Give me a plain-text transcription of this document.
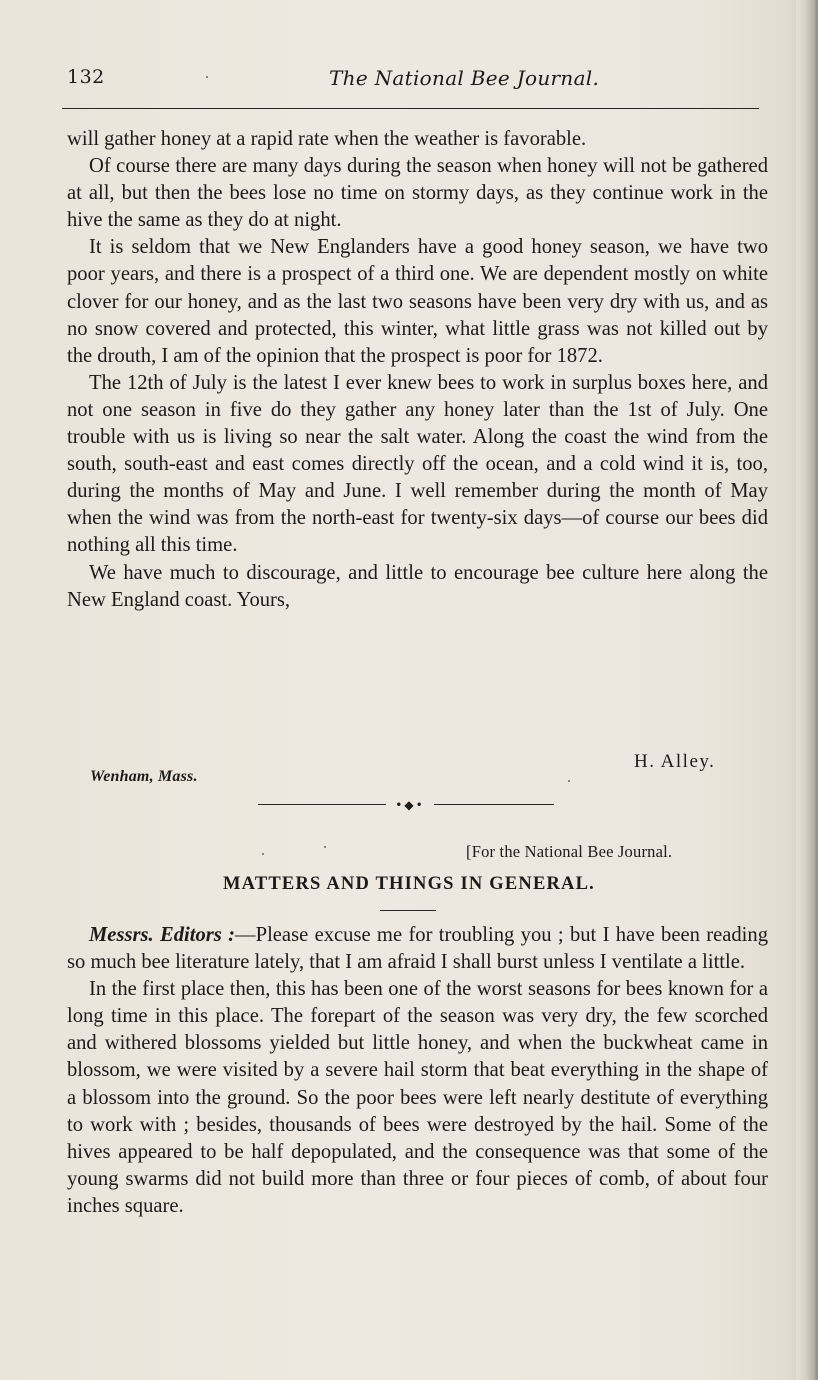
132	The National Bee Journal.

will gather honey at a rapid rate when the weather is favorable.

Of course there are many days during the season when honey will not be gathered at all, but then the bees lose no time on stormy days, as they continue work in the hive the same as they do at night.

It is seldom that we New Englanders have a good honey season, we have two poor years, and there is a prospect of a third one. We are dependent mostly on white clover for our honey, and as the last two seasons have been very dry with us, and as no snow covered and protected, this winter, what little grass was not killed out by the drouth, I am of the opinion that the prospect is poor for 1872.

The 12th of July is the latest I ever knew bees to work in surplus boxes here, and not one season in five do they gather any honey later than the 1st of July. One trouble with us is living so near the salt water. Along the coast the wind from the south, south-east and east comes directly off the ocean, and a cold wind it is, too, during the months of May and June. I well remember during the month of May when the wind was from the north-east for twenty-six days—of course our bees did nothing all this time.

We have much to discourage, and little to encourage bee culture here along the New England coast. Yours,

H. Alley.
Wenham, Mass.
•◆•
[For the National Bee Journal.
MATTERS AND THINGS IN GENERAL.

Messrs. Editors :—Please excuse me for troubling you ; but I have been reading so much bee literature lately, that I am afraid I shall burst unless I ventilate a little.

In the first place then, this has been one of the worst seasons for bees known for a long time in this place. The forepart of the season was very dry, the few scorched and withered blossoms yielded but little honey, and when the buckwheat came in blossom, we were visited by a severe hail storm that beat everything in the shape of a blossom into the ground. So the poor bees were left nearly destitute of everything to work with ; besides, thousands of bees were destroyed by the hail. Some of the hives appeared to be half depopulated, and the consequence was that some of the young swarms did not build more than three or four pieces of comb, of about four inches square.
